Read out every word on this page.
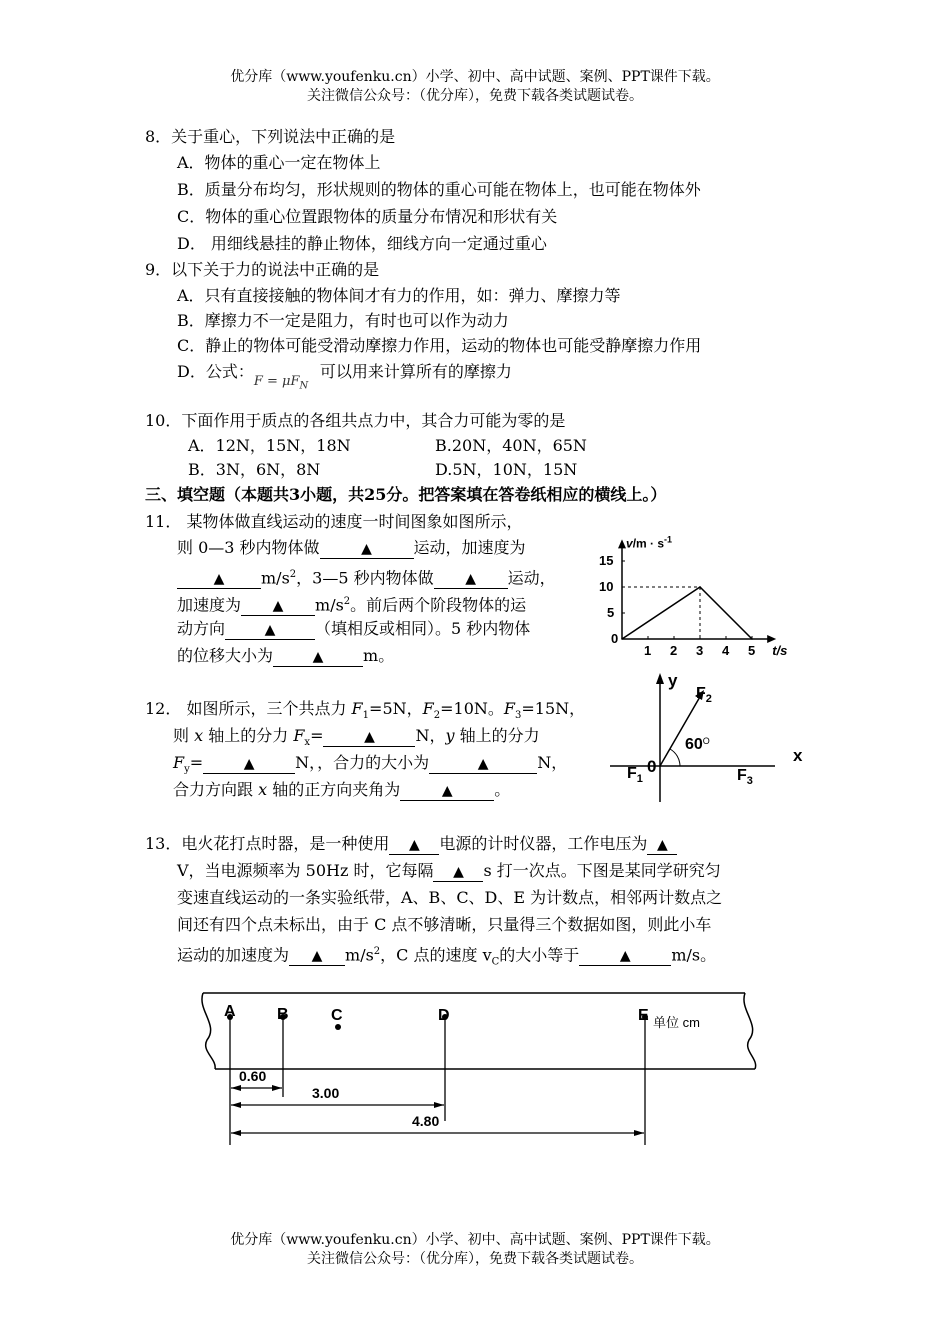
优分库（www.youfenku.cn）小学、初中、高中试题、案例、PPT课件下载。
关注微信公众号：（优分库），免费下载各类试题试卷。
8．关于重心，下列说法中正确的是
A．物体的重心一定在物体上
B．质量分布均匀，形状规则的物体的重心可能在物体上，也可能在物体外
C．物体的重心位置跟物体的质量分布情况和形状有关
D． 用细线悬挂的静止物体，细线方向一定通过重心
9．以下关于力的说法中正确的是
A．只有直接接触的物体间才有力的作用，如：弹力、摩擦力等
B．摩擦力不一定是阻力，有时也可以作为动力
C．静止的物体可能受滑动摩擦力作用，运动的物体也可能受静摩擦力作用
D．公式：$F = \mu F_N$可以用来计算所有的摩擦力
10．下面作用于质点的各组共点力中，其合力可能为零的是
A．12N，15N，18N	B.20N，40N，65N
B．3N，6N，8N	D.5N，10N，15N
三、填空题（本题共3小题，共25分。把答案填在答卷纸相应的横线上。）
11． 某物体做直线运动的速度一时间图象如图所示，
则 0—3 秒内物体做	▲	运动，加速度为
▲ $m/s^2$，3—5 秒内物体做 ▲ 运动，
加速度为 ▲ $m/s^2$。前后两个阶段物体的运
动方向	▲ （填相反或相同）。5 秒内物体
的位移大小为	▲ m。
$v/m \cdot s^{-1}$
t/s
0
1 2 3 4 5
5
10
15
12． 如图所示，三个共点力 $F_1=5N$，$F_2=10N$。$F_3=15N$，
则 x 轴上的分力 $F_x=$	▲	N，y 轴上的分力
$F_y=$	▲	N，，合力的大小为	▲	N，
合力方向跟 x 轴的正方向夹角为	▲	。
y
x
0
$F_2$
$F_1$	$F_3$
$60^O$
13．电火花打点时器，是一种使用 ▲ 电源的计时仪器，工作电压为 ▲
V，当电源频率为 50Hz 时，它每隔 ▲ s 打一次点。下图是某同学研究匀
变速直线运动的一条实验纸带，A、B、C、D、E 为计数点，相邻两计数点之
间还有四个点未标出，由于 C 点不够清晰，只量得三个数据如图，则此小车
运动的加速度为 ▲ $m/s^2$，C 点的速度 $v_C$的大小等于	▲	m/s。
A	B	C	D	E 单位 cm
0.60
3.00
4.80
优分库（www.youfenku.cn）小学、初中、高中试题、案例、PPT课件下载。
关注微信公众号：（优分库），免费下载各类试题试卷。
